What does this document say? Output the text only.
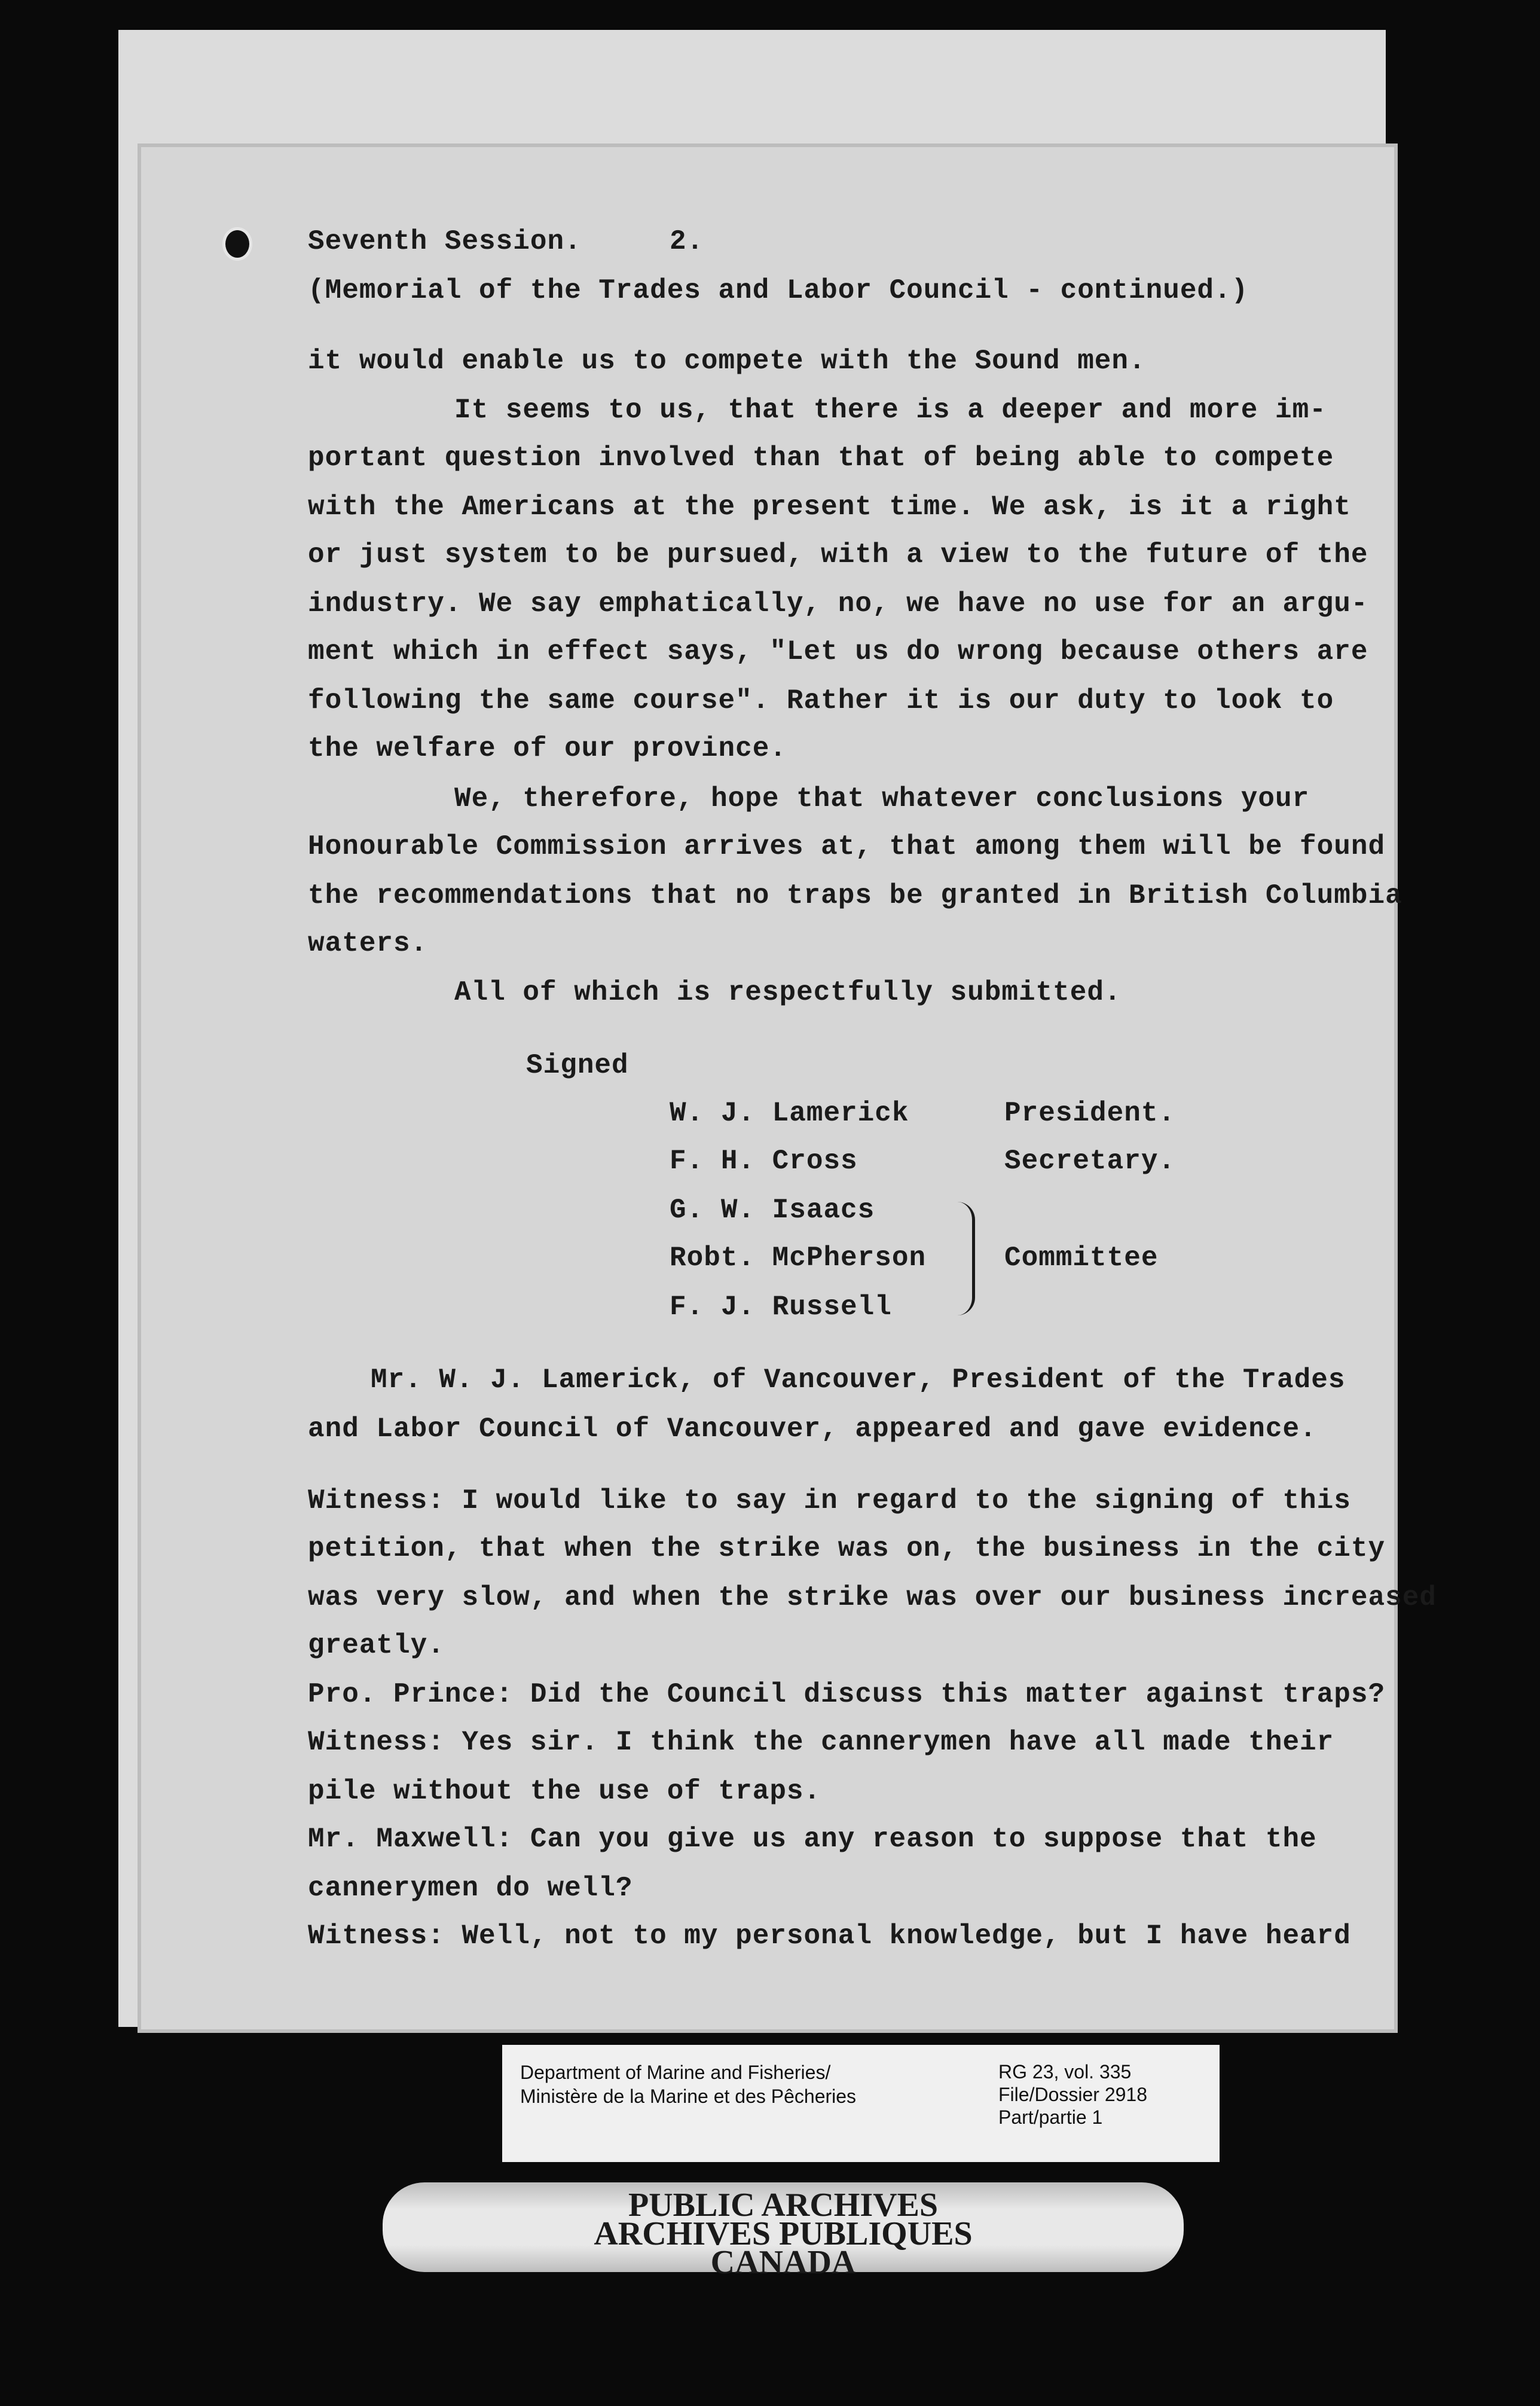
Seventh Session.	2.
(Memorial of the Trades and Labor Council - continued.)
it would enable us to compete with the Sound men.
It seems to us, that there is a deeper and more im-
portant question involved than that of being able to compete
with the Americans at the present time. We ask, is it a right
or just system to be pursued, with a view to the future of the
industry. We say emphatically, no, we have no use for an argu-
ment which in effect says, "Let us do wrong because others are
following the same course". Rather it is our duty to look to
the welfare of our province.
We, therefore, hope that whatever conclusions your
Honourable Commission arrives at, that among them will be found
the recommendations that no traps be granted in British Columbia
waters.
All of which is respectfully submitted.
Signed
W. J. Lamerick	President.
F. H. Cross	Secretary.
G. W. Isaacs
Robt. McPherson	Committee
F. J. Russell
Mr. W. J. Lamerick, of Vancouver, President of the Trades
and Labor Council of Vancouver, appeared and gave evidence.
Witness: I would like to say in regard to the signing of this
petition, that when the strike was on, the business in the city
was very slow, and when the strike was over our business increased
greatly.
Pro. Prince: Did the Council discuss this matter against traps?
Witness: Yes sir. I think the cannerymen have all made their
pile without the use of traps.
Mr. Maxwell: Can you give us any reason to suppose that the
cannerymen do well?
Witness: Well, not to my personal knowledge, but I have heard
Department of Marine and Fisheries/
Ministère de la Marine et des Pêcheries
RG 23, vol. 335
File/Dossier 2918
Part/partie 1
PUBLIC ARCHIVES
ARCHIVES PUBLIQUES
CANADA
